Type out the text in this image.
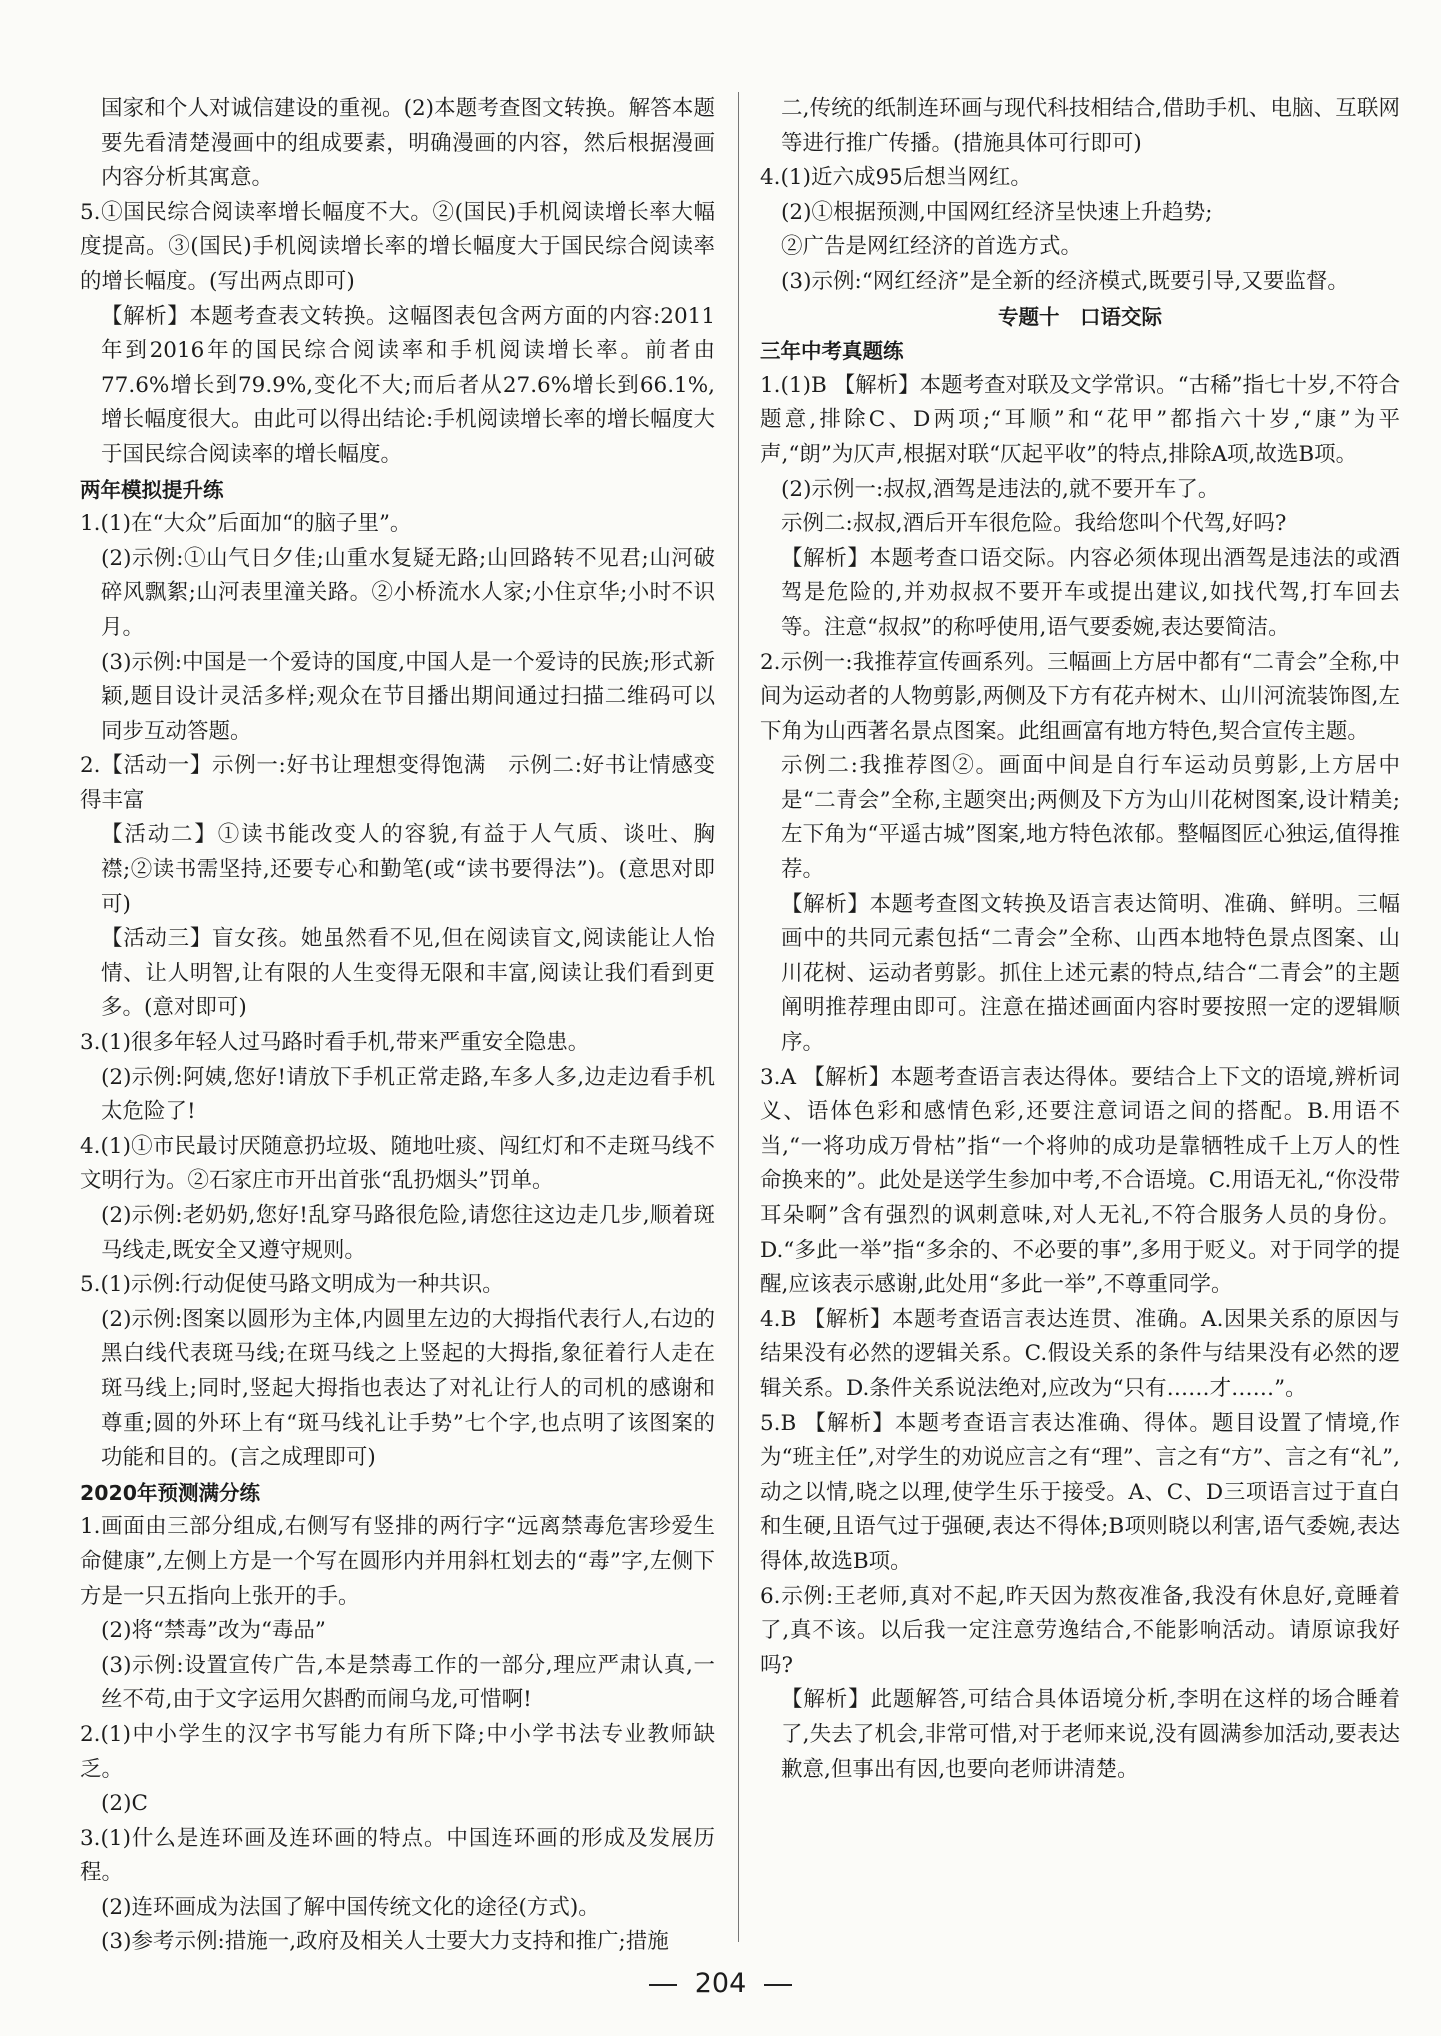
国家和个人对诚信建设的重视。(2)本题考查图文转换。解答本题要先看清楚漫画中的组成要素，明确漫画的内容，然后根据漫画内容分析其寓意。

5.①国民综合阅读率增长幅度不大。②(国民)手机阅读增长率大幅度提高。③(国民)手机阅读增长率的增长幅度大于国民综合阅读率的增长幅度。(写出两点即可)

【解析】本题考查表文转换。这幅图表包含两方面的内容:2011年到2016年的国民综合阅读率和手机阅读增长率。前者由77.6%增长到79.9%,变化不大;而后者从27.6%增长到66.1%,增长幅度很大。由此可以得出结论:手机阅读增长率的增长幅度大于国民综合阅读率的增长幅度。

两年模拟提升练

1.(1)在“大众”后面加“的脑子里”。

(2)示例:①山气日夕佳;山重水复疑无路;山回路转不见君;山河破碎风飘絮;山河表里潼关路。②小桥流水人家;小住京华;小时不识月。

(3)示例:中国是一个爱诗的国度,中国人是一个爱诗的民族;形式新颖,题目设计灵活多样;观众在节目播出期间通过扫描二维码可以同步互动答题。

2.【活动一】示例一:好书让理想变得饱满　示例二:好书让情感变得丰富

【活动二】①读书能改变人的容貌,有益于人气质、谈吐、胸襟;②读书需坚持,还要专心和勤笔(或“读书要得法”)。(意思对即可)

【活动三】盲女孩。她虽然看不见,但在阅读盲文,阅读能让人怡情、让人明智,让有限的人生变得无限和丰富,阅读让我们看到更多。(意对即可)

3.(1)很多年轻人过马路时看手机,带来严重安全隐患。

(2)示例:阿姨,您好!请放下手机正常走路,车多人多,边走边看手机太危险了!

4.(1)①市民最讨厌随意扔垃圾、随地吐痰、闯红灯和不走斑马线不文明行为。②石家庄市开出首张“乱扔烟头”罚单。

(2)示例:老奶奶,您好!乱穿马路很危险,请您往这边走几步,顺着斑马线走,既安全又遵守规则。

5.(1)示例:行动促使马路文明成为一种共识。

(2)示例:图案以圆形为主体,内圆里左边的大拇指代表行人,右边的黑白线代表斑马线;在斑马线之上竖起的大拇指,象征着行人走在斑马线上;同时,竖起大拇指也表达了对礼让行人的司机的感谢和尊重;圆的外环上有“斑马线礼让手势”七个字,也点明了该图案的功能和目的。(言之成理即可)

2020年预测满分练

1.画面由三部分组成,右侧写有竖排的两行字“远离禁毒危害珍爱生命健康”,左侧上方是一个写在圆形内并用斜杠划去的“毒”字,左侧下方是一只五指向上张开的手。

(2)将“禁毒”改为“毒品”

(3)示例:设置宣传广告,本是禁毒工作的一部分,理应严肃认真,一丝不苟,由于文字运用欠斟酌而闹乌龙,可惜啊!

2.(1)中小学生的汉字书写能力有所下降;中小学书法专业教师缺乏。

(2)C

3.(1)什么是连环画及连环画的特点。中国连环画的形成及发展历程。

(2)连环画成为法国了解中国传统文化的途径(方式)。

(3)参考示例:措施一,政府及相关人士要大力支持和推广;措施

二,传统的纸制连环画与现代科技相结合,借助手机、电脑、互联网等进行推广传播。(措施具体可行即可)

4.(1)近六成95后想当网红。

(2)①根据预测,中国网红经济呈快速上升趋势;

②广告是网红经济的首选方式。

(3)示例:“网红经济”是全新的经济模式,既要引导,又要监督。

专题十　口语交际

三年中考真题练

1.(1)B 【解析】本题考查对联及文学常识。“古稀”指七十岁,不符合题意,排除C、D两项;“耳顺”和“花甲”都指六十岁,“康”为平声,“朗”为仄声,根据对联“仄起平收”的特点,排除A项,故选B项。

(2)示例一:叔叔,酒驾是违法的,就不要开车了。

示例二:叔叔,酒后开车很危险。我给您叫个代驾,好吗?

【解析】本题考查口语交际。内容必须体现出酒驾是违法的或酒驾是危险的,并劝叔叔不要开车或提出建议,如找代驾,打车回去等。注意“叔叔”的称呼使用,语气要委婉,表达要简洁。

2.示例一:我推荐宣传画系列。三幅画上方居中都有“二青会”全称,中间为运动者的人物剪影,两侧及下方有花卉树木、山川河流装饰图,左下角为山西著名景点图案。此组画富有地方特色,契合宣传主题。

示例二:我推荐图②。画面中间是自行车运动员剪影,上方居中是“二青会”全称,主题突出;两侧及下方为山川花树图案,设计精美;左下角为“平遥古城”图案,地方特色浓郁。整幅图匠心独运,值得推荐。

【解析】本题考查图文转换及语言表达简明、准确、鲜明。三幅画中的共同元素包括“二青会”全称、山西本地特色景点图案、山川花树、运动者剪影。抓住上述元素的特点,结合“二青会”的主题阐明推荐理由即可。注意在描述画面内容时要按照一定的逻辑顺序。

3.A 【解析】本题考查语言表达得体。要结合上下文的语境,辨析词义、语体色彩和感情色彩,还要注意词语之间的搭配。B.用语不当,“一将功成万骨枯”指“一个将帅的成功是靠牺牲成千上万人的性命换来的”。此处是送学生参加中考,不合语境。C.用语无礼,“你没带耳朵啊”含有强烈的讽刺意味,对人无礼,不符合服务人员的身份。D.“多此一举”指“多余的、不必要的事”,多用于贬义。对于同学的提醒,应该表示感谢,此处用“多此一举”,不尊重同学。

4.B 【解析】本题考查语言表达连贯、准确。A.因果关系的原因与结果没有必然的逻辑关系。C.假设关系的条件与结果没有必然的逻辑关系。D.条件关系说法绝对,应改为“只有……才……”。

5.B 【解析】本题考查语言表达准确、得体。题目设置了情境,作为“班主任”,对学生的劝说应言之有“理”、言之有“方”、言之有“礼”,动之以情,晓之以理,使学生乐于接受。A、C、D三项语言过于直白和生硬,且语气过于强硬,表达不得体;B项则晓以利害,语气委婉,表达得体,故选B项。

6.示例:王老师,真对不起,昨天因为熬夜准备,我没有休息好,竟睡着了,真不该。以后我一定注意劳逸结合,不能影响活动。请原谅我好吗?

【解析】此题解答,可结合具体语境分析,李明在这样的场合睡着了,失去了机会,非常可惜,对于老师来说,没有圆满参加活动,要表达歉意,但事出有因,也要向老师讲清楚。

204
